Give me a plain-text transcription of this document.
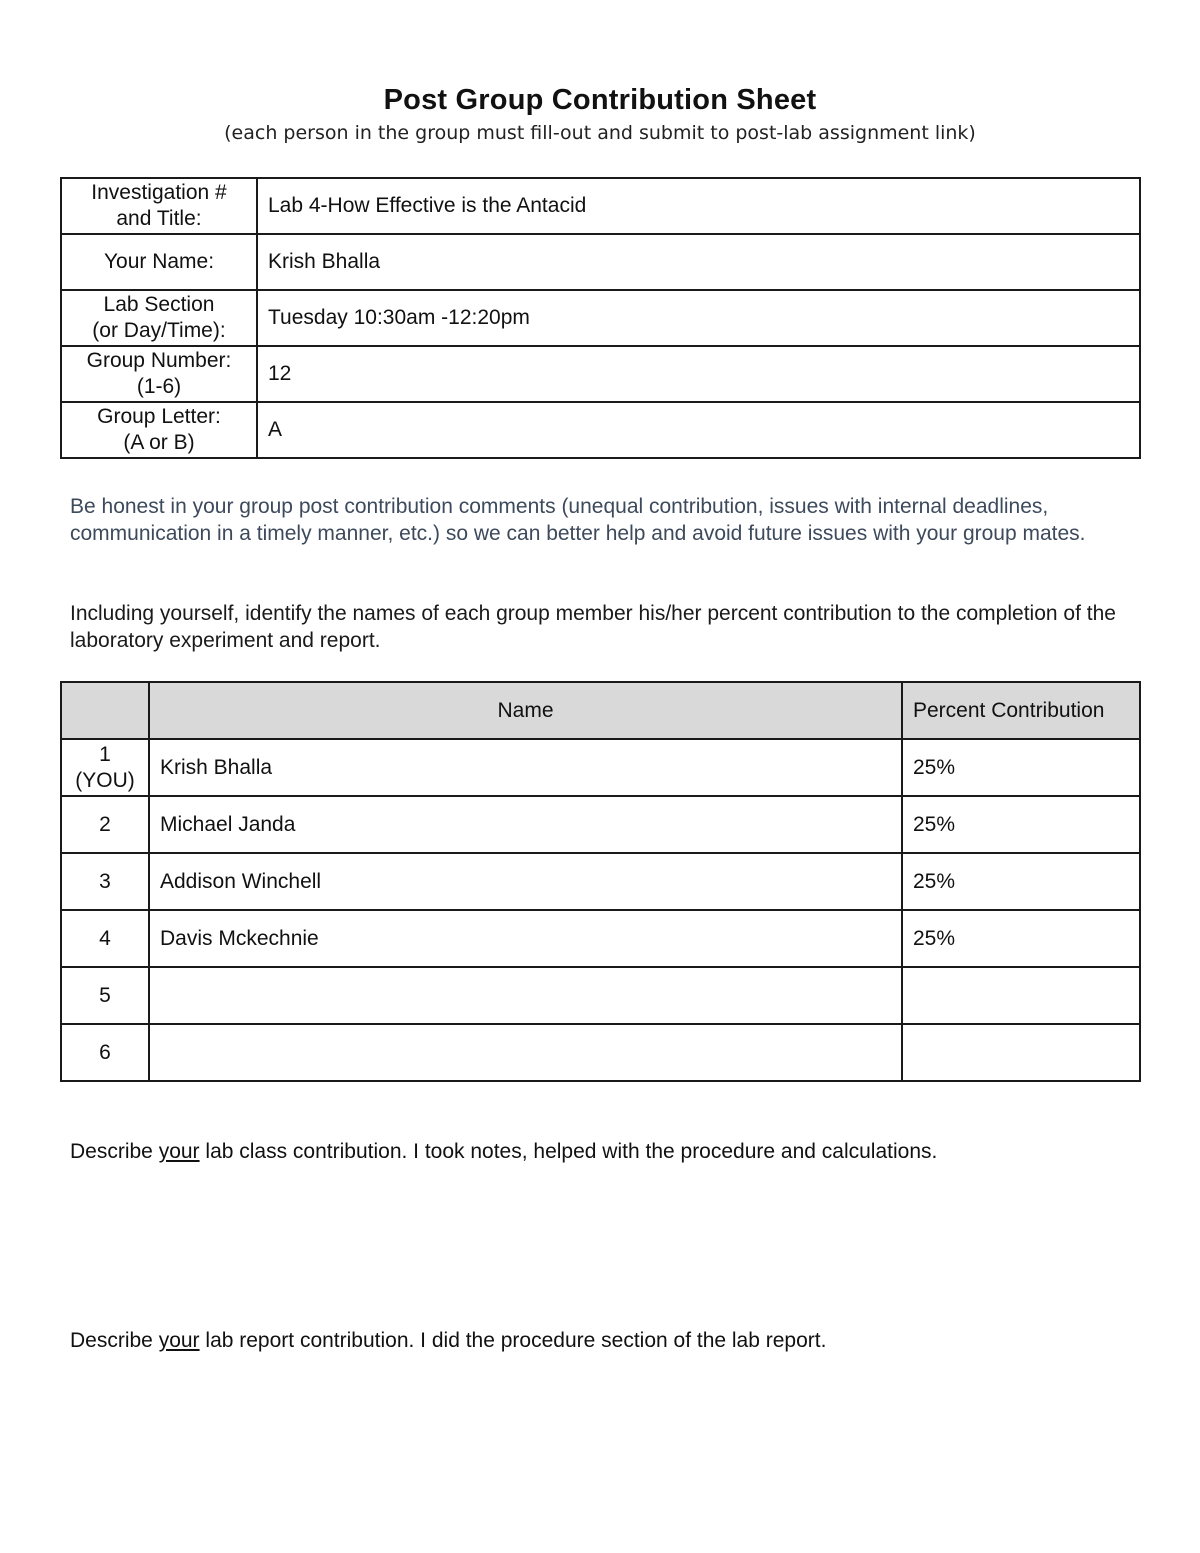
Post Group Contribution Sheet
(each person in the group must fill-out and submit to post-lab assignment link)
Investigation #
and Title:	Lab 4-How Effective is the Antacid
Your Name:	Krish Bhalla
Lab Section
(or Day/Time):	Tuesday 10:30am -12:20pm
Group Number:
(1-6)	12
Group Letter:
(A or B)	A
Be honest in your group post contribution comments (unequal contribution, issues with internal deadlines, communication in a timely manner, etc.) so we can better help and avoid future issues with your group mates.
Including yourself, identify the names of each group member his/her percent contribution to the completion of the laboratory experiment and report.
	Name	Percent Contribution
1
(YOU)	Krish Bhalla	25%
2	Michael Janda	25%
3	Addison Winchell	25%
4	Davis Mckechnie	25%
5		
6		
Describe your lab class contribution. I took notes, helped with the procedure and calculations.
Describe your lab report contribution. I did the procedure section of the lab report.
